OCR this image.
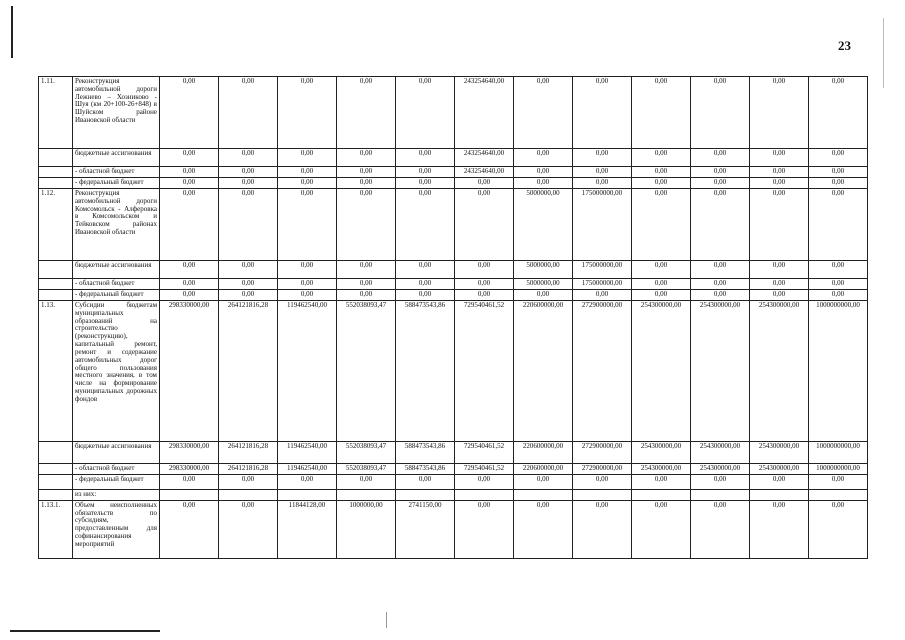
23
1.11.	Реконструкция автомобильной дороги Лежнево – Хозниково - Шуя (км 20+100-26+848) в Шуйском районе Ивановской области	0,00	0,00	0,00	0,00	0,00	243254640,00	0,00	0,00	0,00	0,00	0,00	0,00
	бюджетные ассигнования	0,00	0,00	0,00	0,00	0,00	243254640,00	0,00	0,00	0,00	0,00	0,00	0,00
	- областной бюджет	0,00	0,00	0,00	0,00	0,00	243254640,00	0,00	0,00	0,00	0,00	0,00	0,00
	- федеральный бюджет	0,00	0,00	0,00	0,00	0,00	0,00	0,00	0,00	0,00	0,00	0,00	0,00
1.12.	Реконструкция автомобильной дороги Комсомольск - Алферовка в Комсомольском и Тейковском районах Ивановской области	0,00	0,00	0,00	0,00	0,00	0,00	5000000,00	175000000,00	0,00	0,00	0,00	0,00
	бюджетные ассигнования	0,00	0,00	0,00	0,00	0,00	0,00	5000000,00	175000000,00	0,00	0,00	0,00	0,00
	- областной бюджет	0,00	0,00	0,00	0,00	0,00	0,00	5000000,00	175000000,00	0,00	0,00	0,00	0,00
	- федеральный бюджет	0,00	0,00	0,00	0,00	0,00	0,00	0,00	0,00	0,00	0,00	0,00	0,00
1.13.	Субсидии бюджетам муниципальных образований на строительство (реконструкцию), капитальный ремонт, ремонт и содержание автомобильных дорог общего пользования местного значения, в том числе на формирование муниципальных дорожных фондов	298330000,00	264121816,28	119462540,00	552038093,47	588473543,86	729540461,52	220600000,00	272900000,00	254300000,00	254300000,00	254300000,00	1000000000,00
	бюджетные ассигнования	298330000,00	264121816,28	119462540,00	552038093,47	588473543,86	729540461,52	220600000,00	272900000,00	254300000,00	254300000,00	254300000,00	1000000000,00
	- областной бюджет	298330000,00	264121816,28	119462540,00	552038093,47	588473543,86	729540461,52	220600000,00	272900000,00	254300000,00	254300000,00	254300000,00	1000000000,00
	- федеральный бюджет	0,00	0,00	0,00	0,00	0,00	0,00	0,00	0,00	0,00	0,00	0,00	0,00
	из них:												
1.13.1.	Объем неисполненных обязательств по субсидиям, предоставленным для софинансирования мероприятий	0,00	0,00	11844128,00	1000000,00	2741150,00	0,00	0,00	0,00	0,00	0,00	0,00	0,00
